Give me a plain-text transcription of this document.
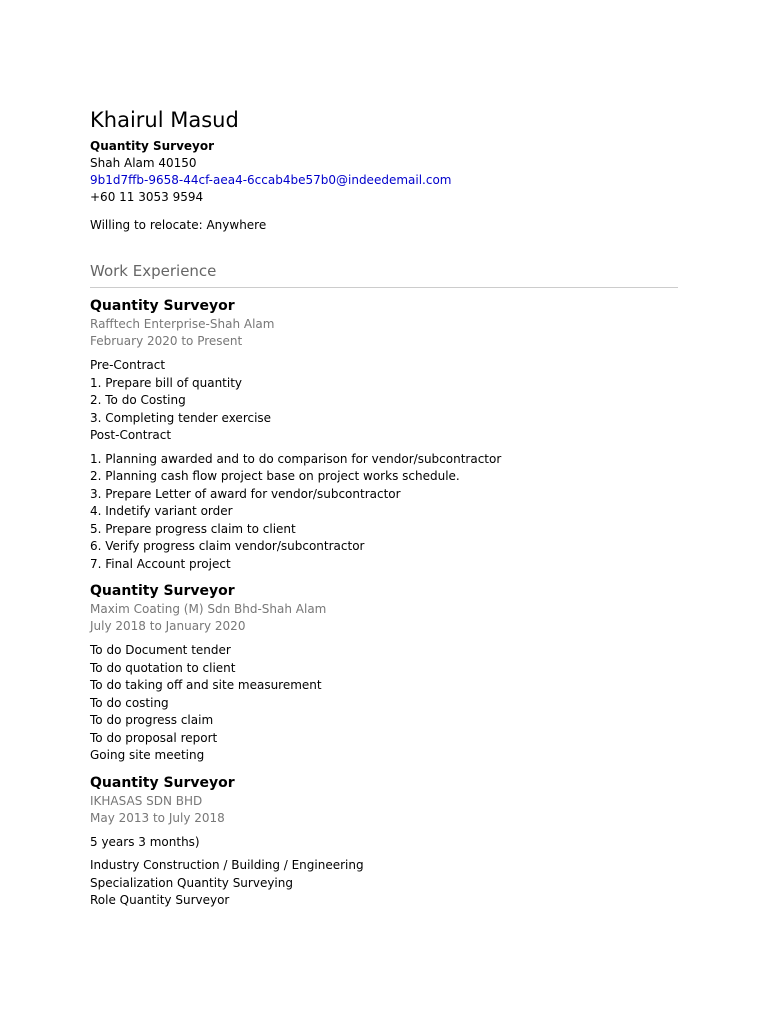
Khairul Masud
Quantity Surveyor
Shah Alam 40150
9b1d7ffb-9658-44cf-aea4-6ccab4be57b0@indeedemail.com
+60 11 3053 9594
Willing to relocate: Anywhere
Work Experience
Quantity Surveyor
Rafftech Enterprise-Shah Alam
February 2020 to Present
Pre-Contract
1. Prepare bill of quantity
2. To do Costing
3. Completing tender exercise
Post-Contract
1. Planning awarded and to do comparison for vendor/subcontractor
2. Planning cash flow project base on project works schedule.
3. Prepare Letter of award for vendor/subcontractor
4. Indetify variant order
5. Prepare progress claim to client
6. Verify progress claim vendor/subcontractor
7. Final Account project
Quantity Surveyor
Maxim Coating (M) Sdn Bhd-Shah Alam
July 2018 to January 2020
To do Document tender
To do quotation to client
To do taking off and site measurement
To do costing
To do progress claim
To do proposal report
Going site meeting
Quantity Surveyor
IKHASAS SDN BHD
May 2013 to July 2018
5 years 3 months)
Industry Construction / Building / Engineering
Specialization Quantity Surveying
Role Quantity Surveyor
